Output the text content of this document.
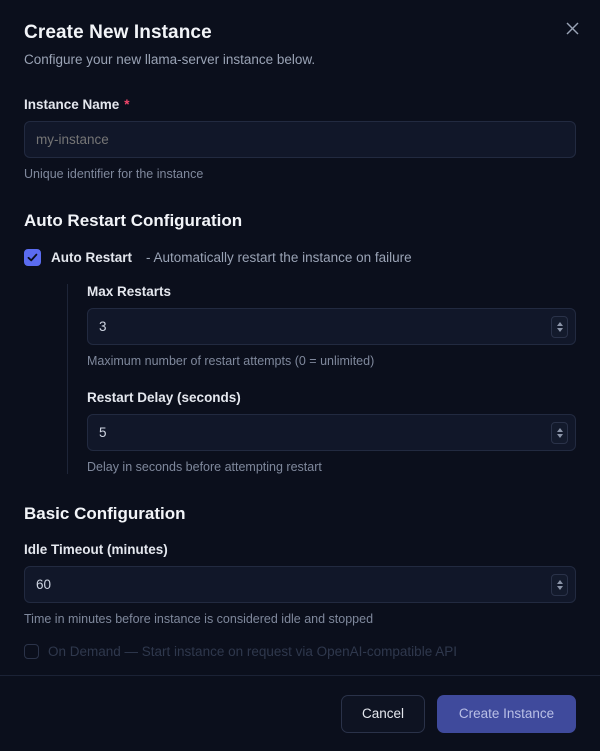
Create New Instance

Configure your new llama-server instance below.

Instance Name *
my-instance
Unique identifier for the instance
Auto Restart Configuration
Auto Restart - Automatically restart the instance on failure
Max Restarts
3
Maximum number of restart attempts (0 = unlimited)
Restart Delay (seconds)
5
Delay in seconds before attempting restart
Basic Configuration
Idle Timeout (minutes)
60
Time in minutes before instance is considered idle and stopped
On Demand — Start instance on request via OpenAI-compatible API
Cancel	Create Instance
